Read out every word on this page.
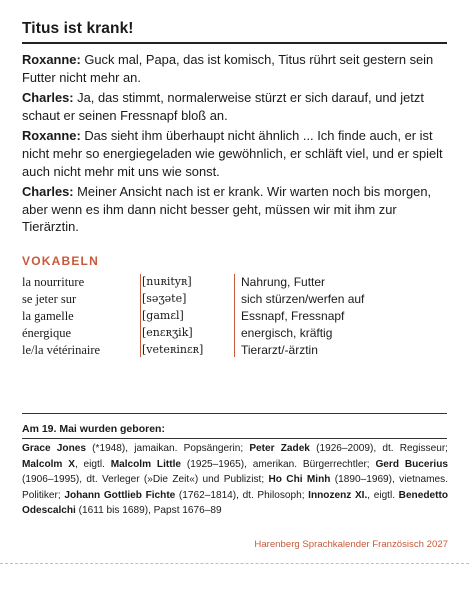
Titus ist krank!

Roxanne: Guck mal, Papa, das ist komisch, Titus rührt seit gestern sein Futter nicht mehr an.

Charles: Ja, das stimmt, normalerweise stürzt er sich darauf, und jetzt schaut er seinen Fressnapf bloß an.

Roxanne: Das sieht ihm überhaupt nicht ähnlich ... Ich finde auch, er ist nicht mehr so energiegeladen wie gewöhnlich, er schläft viel, und er spielt auch nicht mehr mit uns wie sonst.

Charles: Meiner Ansicht nach ist er krank. Wir warten noch bis morgen, aber wenn es ihm dann nicht besser geht, müssen wir mit ihm zur Tierärztin.

VOKABELN
la nourriture	[nuʀityʀ]	Nahrung, Futter
se jeter sur	[səʒəte]	sich stürzen/werfen auf
la gamelle	[gamɛl]	Essnapf, Fressnapf
énergique	[enɛʀʒik]	energisch, kräftig
le/la vétérinaire	[veteʀinɛʀ]	Tierarzt/-ärztin
Am 19. Mai wurden geboren:
Grace Jones (*1948), jamaikan. Popsängerin; Peter Zadek (1926–2009), dt. Regisseur; Malcolm X, eigtl. Malcolm Little (1925–1965), amerikan. Bürgerrechtler; Gerd Bucerius (1906–1995), dt. Verleger (»Die Zeit«) und Publizist; Ho Chi Minh (1890–1969), vietnames. Politiker; Johann Gottlieb Fichte (1762–1814), dt. Philosoph; Innozenz XI., eigtl. Benedetto Odescalchi (1611 bis 1689), Papst 1676–89
Harenberg Sprachkalender Französisch 2027
